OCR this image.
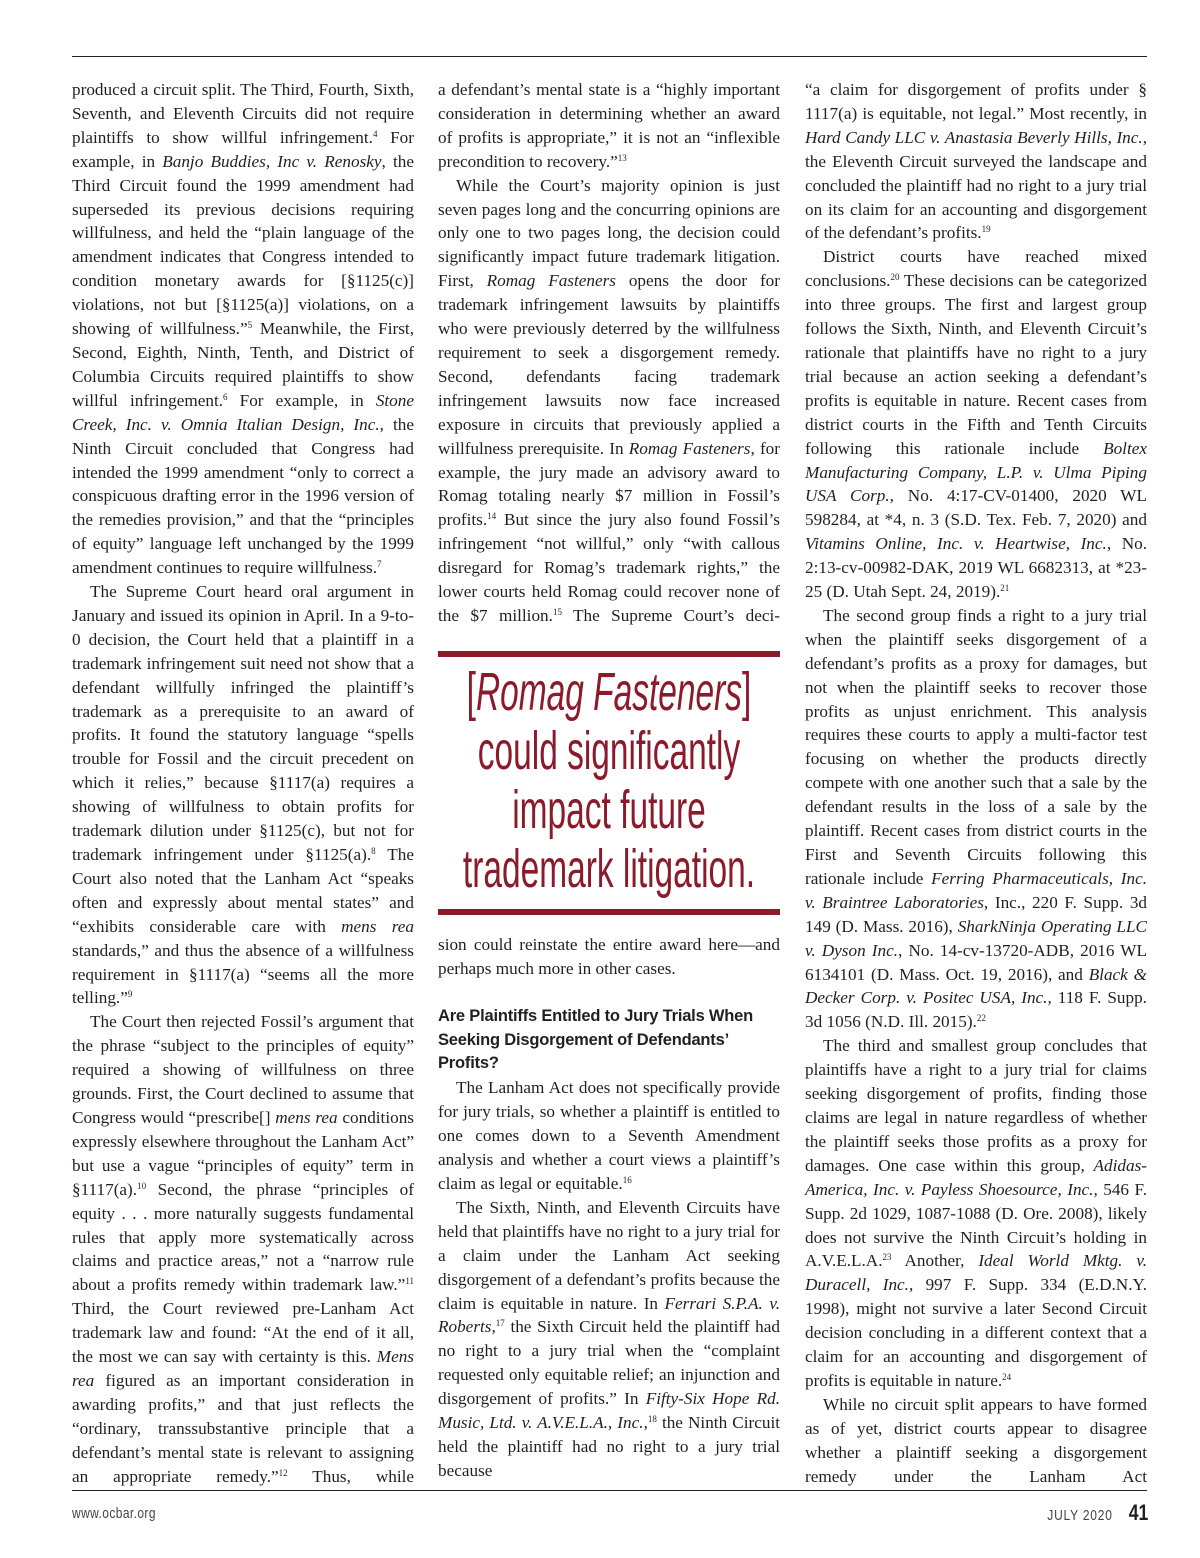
produced a circuit split. The Third, Fourth, Sixth, Seventh, and Eleventh Circuits did not require plaintiffs to show willful infringement.$^4$ For example, in Banjo Buddies, Inc v. Renosky, the Third Circuit found the 1999 amendment had superseded its previous decisions requiring willfulness, and held the “plain language of the amendment indicates that Congress intended to condition monetary awards for [§1125(c)] violations, not but [§1125(a)] violations, on a showing of willfulness.”$^5$ Meanwhile, the First, Second, Eighth, Ninth, Tenth, and District of Columbia Circuits required plaintiffs to show willful infringement.$^6$ For example, in Stone Creek, Inc. v. Omnia Italian Design, Inc., the Ninth Circuit concluded that Congress had intended the 1999 amendment “only to correct a conspicuous drafting error in the 1996 version of the remedies provision,” and that the “principles of equity” language left unchanged by the 1999 amendment continues to require willfulness.$^7$

The Supreme Court heard oral argument in January and issued its opinion in April. In a 9-to-0 decision, the Court held that a plaintiff in a trademark infringement suit need not show that a defendant willfully infringed the plaintiff’s trademark as a prerequisite to an award of profits. It found the statutory language “spells trouble for Fossil and the circuit precedent on which it relies,” because §1117(a) requires a showing of willfulness to obtain profits for trademark dilution under §1125(c), but not for trademark infringement under §1125(a).$^8$ The Court also noted that the Lanham Act “speaks often and expressly about mental states” and “exhibits considerable care with mens rea standards,” and thus the absence of a willfulness requirement in §1117(a) “seems all the more telling.”$^9$

The Court then rejected Fossil’s argument that the phrase “subject to the principles of equity” required a showing of willfulness on three grounds. First, the Court declined to assume that Congress would “prescribe[] mens rea conditions expressly elsewhere throughout the Lanham Act” but use a vague “principles of equity” term in §1117(a).$^{10}$ Second, the phrase “principles of equity . . . more naturally suggests fundamental rules that apply more systematically across claims and practice areas,” not a “narrow rule about a profits remedy within trademark law.”$^{11}$ Third, the Court reviewed pre-Lanham Act trademark law and found: “At the end of it all, the most we can say with certainty is this. Mens rea figured as an important consideration in awarding profits,” and that just reflects the “ordinary, transsubstantive principle that a defendant’s mental state is relevant to assigning an appropriate remedy.”$^{12}$ Thus, while

a defendant’s mental state is a “highly important consideration in determining whether an award of profits is appropriate,” it is not an “inflexible precondition to recovery.”$^{13}$

While the Court’s majority opinion is just seven pages long and the concurring opinions are only one to two pages long, the decision could significantly impact future trademark litigation. First, Romag Fasteners opens the door for trademark infringement lawsuits by plaintiffs who were previously deterred by the willfulness requirement to seek a disgorgement remedy. Second, defendants facing trademark infringement lawsuits now face increased exposure in circuits that previously applied a willfulness prerequisite. In Romag Fasteners, for example, the jury made an advisory award to Romag totaling nearly $7 million in Fossil’s profits.$^{14}$ But since the jury also found Fossil’s infringement “not willful,” only “with callous disregard for Romag’s trademark rights,” the lower courts held Romag could recover none of the $7 million.$^{15}$ The Supreme Court’s deci-

[Romag Fasteners]
could significantly
impact future
trademark litigation.

sion could reinstate the entire award here—and perhaps much more in other cases.

Are Plaintiffs Entitled to Jury Trials When Seeking Disgorgement of Defendants’ Profits?

The Lanham Act does not specifically provide for jury trials, so whether a plaintiff is entitled to one comes down to a Seventh Amendment analysis and whether a court views a plaintiff’s claim as legal or equitable.$^{16}$

The Sixth, Ninth, and Eleventh Circuits have held that plaintiffs have no right to a jury trial for a claim under the Lanham Act seeking disgorgement of a defendant’s profits because the claim is equitable in nature. In Ferrari S.P.A. v. Roberts,$^{17}$ the Sixth Circuit held the plaintiff had no right to a jury trial when the “complaint requested only equitable relief; an injunction and disgorgement of profits.” In Fifty-Six Hope Rd. Music, Ltd. v. A.V.E.L.A., Inc.,$^{18}$ the Ninth Circuit held the plaintiff had no right to a jury trial because

“a claim for disgorgement of profits under § 1117(a) is equitable, not legal.” Most recently, in Hard Candy LLC v. Anastasia Beverly Hills, Inc., the Eleventh Circuit surveyed the landscape and concluded the plaintiff had no right to a jury trial on its claim for an accounting and disgorgement of the defendant’s profits.$^{19}$

District courts have reached mixed conclusions.$^{20}$ These decisions can be categorized into three groups. The first and largest group follows the Sixth, Ninth, and Eleventh Circuit’s rationale that plaintiffs have no right to a jury trial because an action seeking a defendant’s profits is equitable in nature. Recent cases from district courts in the Fifth and Tenth Circuits following this rationale include Boltex Manufacturing Company, L.P. v. Ulma Piping USA Corp., No. 4:17-CV-01400, 2020 WL 598284, at *4, n. 3 (S.D. Tex. Feb. 7, 2020) and Vitamins Online, Inc. v. Heartwise, Inc., No. 2:13-cv-00982-DAK, 2019 WL 6682313, at *23-25 (D. Utah Sept. 24, 2019).$^{21}$

The second group finds a right to a jury trial when the plaintiff seeks disgorgement of a defendant’s profits as a proxy for damages, but not when the plaintiff seeks to recover those profits as unjust enrichment. This analysis requires these courts to apply a multi-factor test focusing on whether the products directly compete with one another such that a sale by the defendant results in the loss of a sale by the plaintiff. Recent cases from district courts in the First and Seventh Circuits following this rationale include Ferring Pharmaceuticals, Inc. v. Braintree Laboratories, Inc., 220 F. Supp. 3d 149 (D. Mass. 2016), SharkNinja Operating LLC v. Dyson Inc., No. 14-cv-13720-ADB, 2016 WL 6134101 (D. Mass. Oct. 19, 2016), and Black & Decker Corp. v. Positec USA, Inc., 118 F. Supp. 3d 1056 (N.D. Ill. 2015).$^{22}$

The third and smallest group concludes that plaintiffs have a right to a jury trial for claims seeking disgorgement of profits, finding those claims are legal in nature regardless of whether the plaintiff seeks those profits as a proxy for damages. One case within this group, Adidas-America, Inc. v. Payless Shoesource, Inc., 546 F. Supp. 2d 1029, 1087-1088 (D. Ore. 2008), likely does not survive the Ninth Circuit’s holding in A.V.E.L.A.$^{23}$ Another, Ideal World Mktg. v. Duracell, Inc., 997 F. Supp. 334 (E.D.N.Y. 1998), might not survive a later Second Circuit decision concluding in a different context that a claim for an accounting and disgorgement of profits is equitable in nature.$^{24}$

While no circuit split appears to have formed as of yet, district courts appear to disagree whether a plaintiff seeking a disgorgement remedy under the Lanham Act

www.ocbar.org	JULY 2020 41
